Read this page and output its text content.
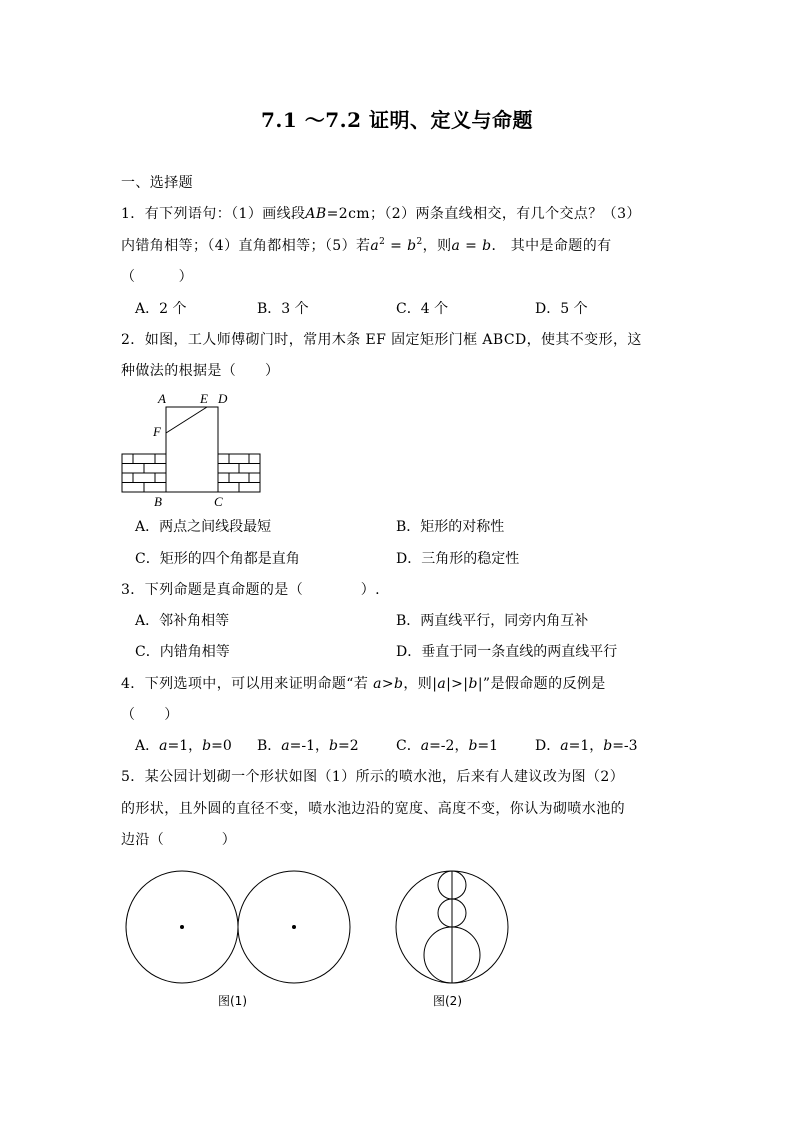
7.1 ～7.2 证明、定义与命题
一、选择题
1．有下列语句：（1）画线段AB=2cm；（2）两条直线相交，有几个交点？（3）
内错角相等；（4）直角都相等；（5）若$a^2 = b^2$，则a = b． 其中是命题的有
（　　　）
A．2 个	B．3 个	C．4 个	D．5 个
2．如图，工人师傅砌门时，常用木条 EF 固定矩形门框 ABCD，使其不变形，这
种做法的根据是（　　）
A	E D
F
B	C
A．两点之间线段最短	B．矩形的对称性
C．矩形的四个角都是直角	D．三角形的稳定性
3．下列命题是真命题的是（　　　　）.
A．邻补角相等	B．两直线平行，同旁内角互补
C．内错角相等	D．垂直于同一条直线的两直线平行
4．下列选项中，可以用来证明命题“若 a>b，则|a|>|b|”是假命题的反例是
（　　）
A．a=1，b=0 B．a=-1，b=2	C．a=-2，b=1	D．a=1，b=-3
5．某公园计划砌一个形状如图（1）所示的喷水池，后来有人建议改为图（2）
的形状，且外圆的直径不变，喷水池边沿的宽度、高度不变，你认为砌喷水池的
边沿（　　　　）
图(1)	图(2)
